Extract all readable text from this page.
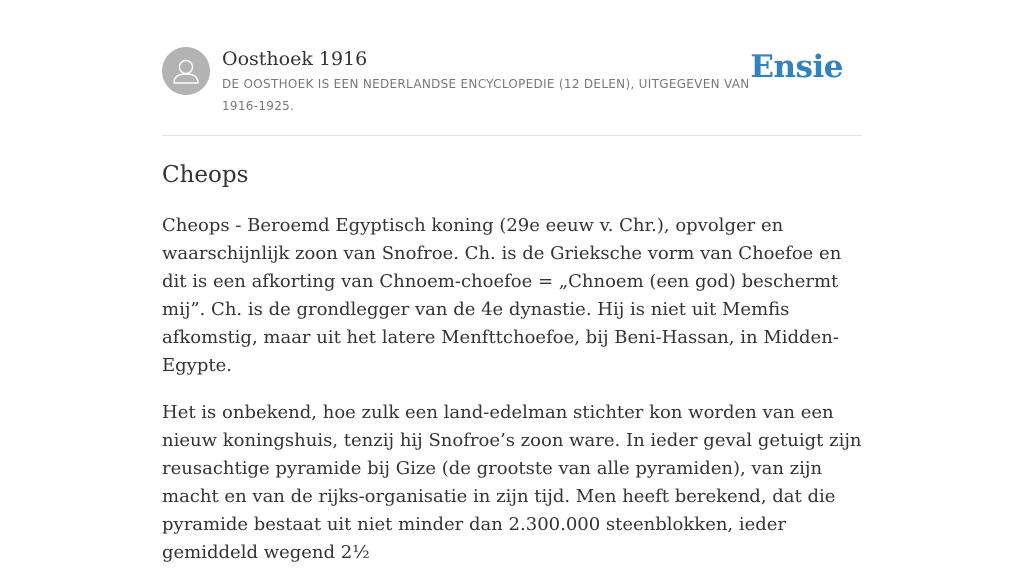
Oosthoek 1916
DE OOSTHOEK IS EEN NEDERLANDSE ENCYCLOPEDIE (12 DELEN), UITGEGEVEN VAN 1916-1925.
Ensie
Cheops

Cheops - Beroemd Egyptisch koning (29e eeuw v. Chr.), opvolger en waarschijnlijk zoon van Snofroe. Ch. is de Grieksche vorm van Choefoe en dit is een afkorting van Chnoem-choefoe = „Chnoem (een god) beschermt mij”. Ch. is de grondlegger van de 4e dynastie. Hij is niet uit Memfis afkomstig, maar uit het latere Menfttchoefoe, bij Beni-Hassan, in Midden-Egypte.

Het is onbekend, hoe zulk een land-edelman stichter kon worden van een nieuw koningshuis, tenzij hij Snofroe’s zoon ware. In ieder geval getuigt zijn reusachtige pyramide bij Gize (de grootste van alle pyramiden), van zijn macht en van de rijks-organisatie in zijn tijd. Men heeft berekend, dat die pyramide bestaat uit niet minder dan 2.300.000 steenblokken, ieder gemiddeld wegend 2½
